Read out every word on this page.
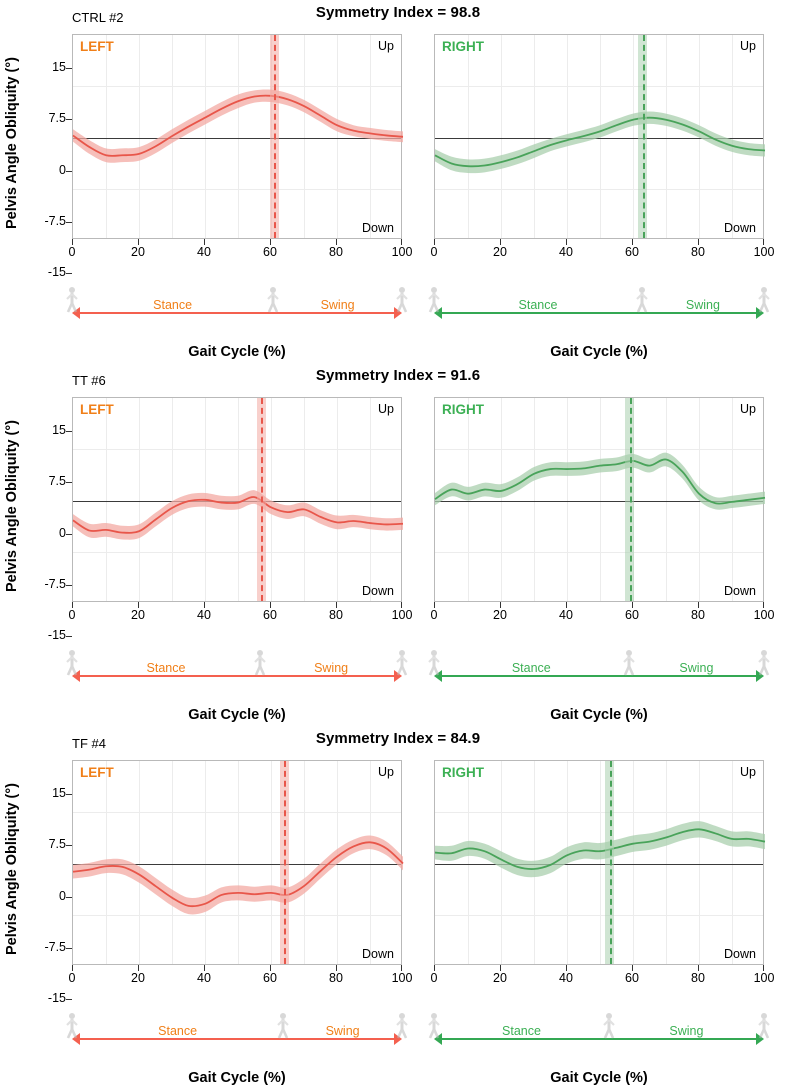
Symmetry Index = 98.8
CTRL #2
Pelvis Angle Obliquity (°)
LEFT	Up
Down
15
7.5
0
-7.5
-15
0	20	40	60	80	100
Stance	Swing
Gait Cycle (%)
RIGHT	Up
Down
0	20	40	60	80	100
Stance	Swing
Gait Cycle (%)
Symmetry Index = 91.6
TT #6
Pelvis Angle Obliquity (°)
LEFT	Up
Down
15
7.5
0
-7.5
-15
0	20	40	60	80	100
Stance	Swing
Gait Cycle (%)
RIGHT	Up
Down
0	20	40	60	80	100
Stance	Swing
Gait Cycle (%)
Symmetry Index = 84.9
TF #4
Pelvis Angle Obliquity (°)
LEFT	Up
Down
15
7.5
0
-7.5
-15
0	20	40	60	80	100
Stance	Swing
Gait Cycle (%)
RIGHT	Up
Down
0	20	40	60	80	100
Stance	Swing
Gait Cycle (%)
